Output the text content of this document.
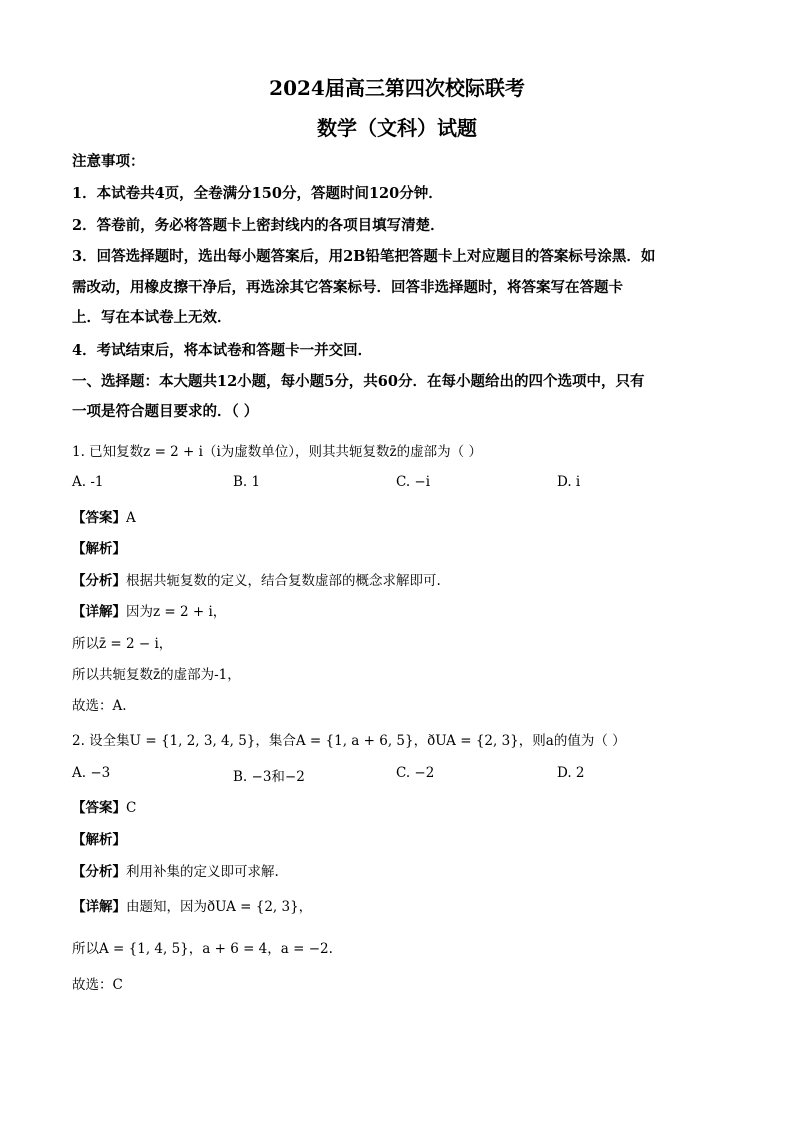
2024届高三第四次校际联考
数学（文科）试题
注意事项：
1．本试卷共4页，全卷满分150分，答题时间120分钟．
2．答卷前，务必将答题卡上密封线内的各项目填写清楚．
3．回答选择题时，选出每小题答案后，用2B铅笔把答题卡上对应题目的答案标号涂黑．如
需改动，用橡皮擦干净后，再选涂其它答案标号．回答非选择题时，将答案写在答题卡
上．写在本试卷上无效．
4．考试结束后，将本试卷和答题卡一并交回．
一、选择题：本大题共12小题，每小题5分，共60分．在每小题给出的四个选项中，只有
一项是符合题目要求的．（ ）
1. 已知复数z = 2 + i（i为虚数单位），则其共轭复数z̄的虚部为（ ）
A. -1	B. 1	C. −i	D. i
【 答案 】 A
【 解析 】
【 分析 】 根据共轭复数的定义，结合复数虚部的概念求解即可.
【 详解 】 因为z = 2 + i，
所以z̄ = 2 − i，
所以共轭复数z̄的虚部为-1，
故选：A.
2. 设全集U = {1, 2, 3, 4, 5}，集合A = {1, a + 6, 5}，ðUA = {2, 3}，则a的值为（ ）
A. −3	B. −3和−2	C. −2	D. 2
【 答案 】 C
【 解析 】
【 分析 】 利用补集的定义即可求解.
【 详解 】 由题知，因为ðUA = {2, 3}，
所以A = {1, 4, 5}，a + 6 = 4，a = −2.
故选：C
